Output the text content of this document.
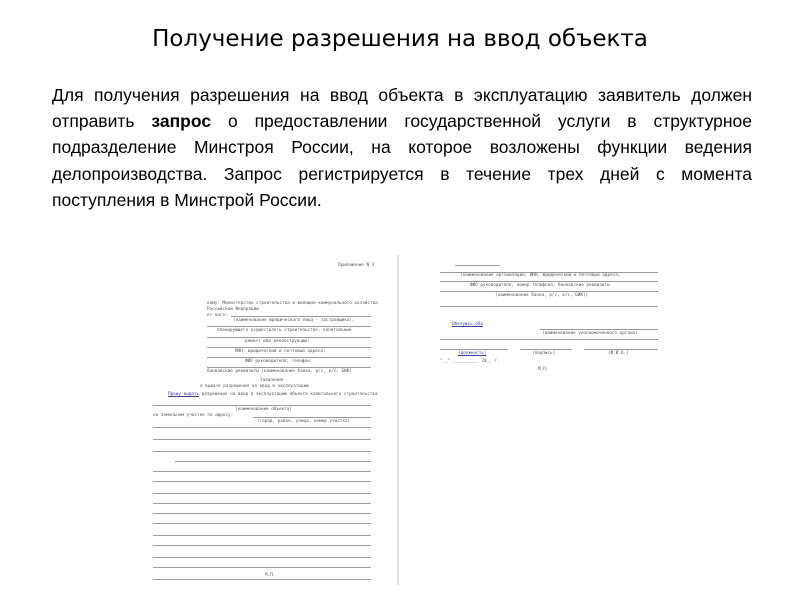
Получение разрешения на ввод объекта
Для получения разрешения на ввод объекта в эксплуатацию заявитель должен отправить запрос о предоставлении государственной услуги в структурное подразделение Минстроя России, на которое возложены функции ведения делопроизводства. Запрос регистрируется в течение трех дней с момента поступления в Минстрой России.
Приложение N 3
кому: Министерство строительства и жилищно-коммунального хозяйства Российской Федерации
от кого:
(наименование юридического лица - застройщика),
планирующего осуществлять строительство, капитальный
ремонт или реконструкцию;
ИНН; юридический и почтовый адреса;
ФИО руководителя; телефон;
банковские реквизиты (наименование банка, р/с, к/с, БИК)
Заявление
о выдаче разрешения на ввод в эксплуатацию
Прошу выдать разрешение на ввод в эксплуатацию объекта капитального строительства
(наименование объекта)
на земельном участке по адресу:
(город, район, улица, номер участка)
М.П.
(наименование организации, ИНН, юридический и почтовый адреса,
ФИО руководителя, номер телефона, банковские реквизиты
(наименование банка, р/с, к/с, БИК))
Обязуюсь обо
(наименование уполномоченного органа)
(должность)	(подпись)	(Ф.И.О.)
"__" __________ 20__ г.
М.П.
